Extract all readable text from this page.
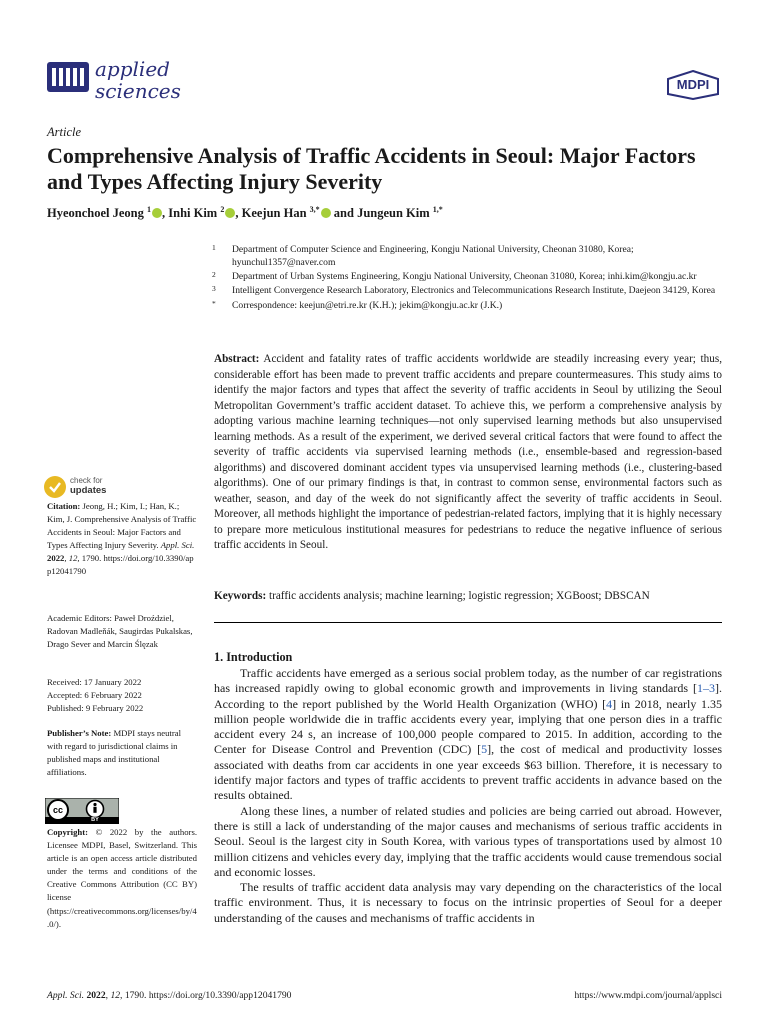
applied
sciences	MDPI
Article
Comprehensive Analysis of Traffic Accidents in Seoul: Major Factors and Types Affecting Injury Severity
Hyeonchoel Jeong $^1$ , Inhi Kim $^2$ , Keejun Han $^{3,*}$ and Jungeun Kim $^{1,*}$
1 Department of Computer Science and Engineering, Kongju National University, Cheonan 31080, Korea; hyunchul1357@naver.com
2 Department of Urban Systems Engineering, Kongju National University, Cheonan 31080, Korea; inhi.kim@kongju.ac.kr
3 Intelligent Convergence Research Laboratory, Electronics and Telecommunications Research Institute, Daejeon 34129, Korea
* Correspondence: keejun@etri.re.kr (K.H.); jekim@kongju.ac.kr (J.K.)
Abstract: Accident and fatality rates of traffic accidents worldwide are steadily increasing every year; thus, considerable effort has been made to prevent traffic accidents and prepare countermeasures. This study aims to identify the major factors and types that affect the severity of traffic accidents in Seoul by utilizing the Seoul Metropolitan Government’s traffic accident dataset. To achieve this, we perform a comprehensive analysis by adopting various machine learning techniques—not only supervised learning methods but also unsupervised learning methods. As a result of the experiment, we derived several critical factors that were found to affect the severity of traffic accidents via supervised learning methods (i.e., ensemble-based and regression-based algorithms) and discovered dominant accident types via unsupervised learning methods (i.e., clustering-based algorithms). One of our primary findings is that, in contrast to common sense, environmental factors such as weather, season, and day of the week do not significantly affect the severity of traffic accidents in Seoul. Moreover, all methods highlight the importance of pedestrian-related factors, implying that it is highly necessary to prepare more meticulous institutional measures for pedestrians to reduce the negative influence of serious traffic accidents in Seoul.
Keywords: traffic accidents analysis; machine learning; logistic regression; XGBoost; DBSCAN
check for
updates
Citation: Jeong, H.; Kim, I.; Han, K.; Kim, J. Comprehensive Analysis of Traffic Accidents in Seoul: Major Factors and Types Affecting Injury Severity. Appl. Sci. 2022, 12, 1790. https://doi.org/10.3390/app12041790
Academic Editors: Paweł Droździel, Radovan Madleňák, Saugirdas Pukalskas, Drago Sever and Marcin Ślęzak
Received: 17 January 2022
Accepted: 6 February 2022
Published: 9 February 2022
Publisher’s Note: MDPI stays neutral with regard to jurisdictional claims in published maps and institutional affiliations.
cc
BY
Copyright: © 2022 by the authors. Licensee MDPI, Basel, Switzerland. This article is an open access article distributed under the terms and conditions of the Creative Commons Attribution (CC BY) license (https://creativecommons.org/licenses/by/4.0/).
1. Introduction

Traffic accidents have emerged as a serious social problem today, as the number of car registrations has increased rapidly owing to global economic growth and improvements in living standards [1–3]. According to the report published by the World Health Organization (WHO) [4] in 2018, nearly 1.35 million people worldwide die in traffic accidents every year, implying that one person dies in a traffic accident every 24 s, an increase of 100,000 people compared to 2015. In addition, according to the Center for Disease Control and Prevention (CDC) [5], the cost of medical and productivity losses associated with deaths from car accidents in one year exceeds $63 billion. Therefore, it is necessary to identify major factors and types of traffic accidents to prevent traffic accidents in advance based on the results obtained.

Along these lines, a number of related studies and policies are being carried out abroad. However, there is still a lack of understanding of the major causes and mechanisms of serious traffic accidents in Seoul. Seoul is the largest city in South Korea, with various types of transportations used by almost 10 million citizens and vehicles every day, implying that the traffic accidents would cause tremendous social and economic losses.

The results of traffic accident data analysis may vary depending on the characteristics of the local traffic environment. Thus, it is necessary to focus on the intrinsic properties of Seoul for a deeper understanding of the causes and mechanisms of traffic accidents in

Appl. Sci. 2022, 12, 1790. https://doi.org/10.3390/app12041790	https://www.mdpi.com/journal/applsci
